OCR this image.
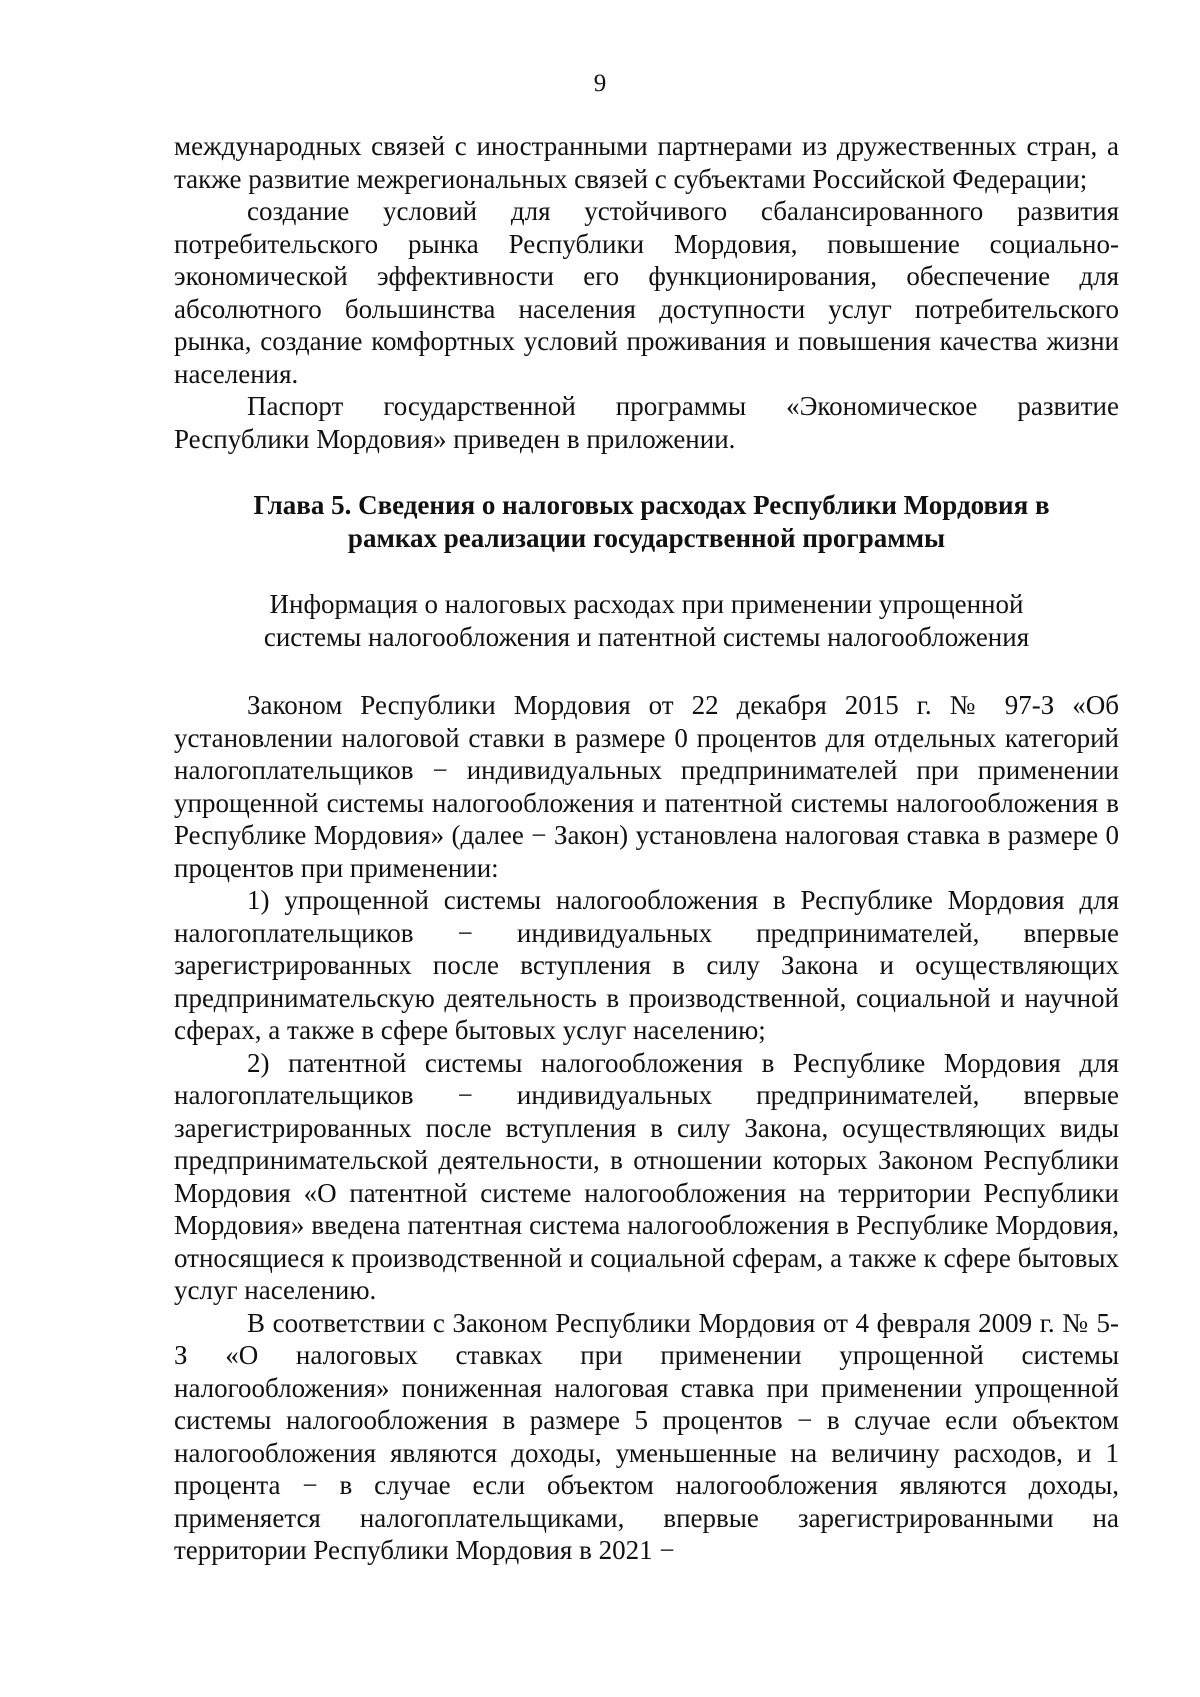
9

международных связей с иностранными партнерами из дружественных стран, а также развитие межрегиональных связей с субъектами Российской Федерации;

создание условий для устойчивого сбалансированного развития потребительского рынка Республики Мордовия, повышение социально-экономической эффективности его функционирования, обеспечение для абсолютного большинства населения доступности услуг потребительского рынка, создание комфортных условий проживания и повышения качества жизни населения.

Паспорт государственной программы «Экономическое развитие Республики Мордовия» приведен в приложении.

Глава 5. Сведения о налоговых расходах Республики Мордовия в
рамках реализации государственной программы
Информация о налоговых расходах при применении упрощенной
системы налогообложения и патентной системы налогообложения

Законом Республики Мордовия от 22 декабря 2015 г. № 97-З «Об установлении налоговой ставки в размере 0 процентов для отдельных категорий налогоплательщиков − индивидуальных предпринимателей при применении упрощенной системы налогообложения и патентной системы налогообложения в Республике Мордовия» (далее − Закон) установлена налоговая ставка в размере 0 процентов при применении:

1) упрощенной системы налогообложения в Республике Мордовия для налогоплательщиков − индивидуальных предпринимателей, впервые зарегистрированных после вступления в силу Закона и осуществляющих предпринимательскую деятельность в производственной, социальной и научной сферах, а также в сфере бытовых услуг населению;

2) патентной системы налогообложения в Республике Мордовия для налогоплательщиков − индивидуальных предпринимателей, впервые зарегистрированных после вступления в силу Закона, осуществляющих виды предпринимательской деятельности, в отношении которых Законом Республики Мордовия «О патентной системе налогообложения на территории Республики Мордовия» введена патентная система налогообложения в Республике Мордовия, относящиеся к производственной и социальной сферам, а также к сфере бытовых услуг населению.

В соответствии с Законом Республики Мордовия от 4 февраля 2009 г. № 5-З «О налоговых ставках при применении упрощенной системы налогообложения» пониженная налоговая ставка при применении упрощенной системы налогообложения в размере 5 процентов − в случае если объектом налогообложения являются доходы, уменьшенные на величину расходов, и 1 процента − в случае если объектом налогообложения являются доходы, применяется налогоплательщиками, впервые зарегистрированными на территории Республики Мордовия в 2021 −
